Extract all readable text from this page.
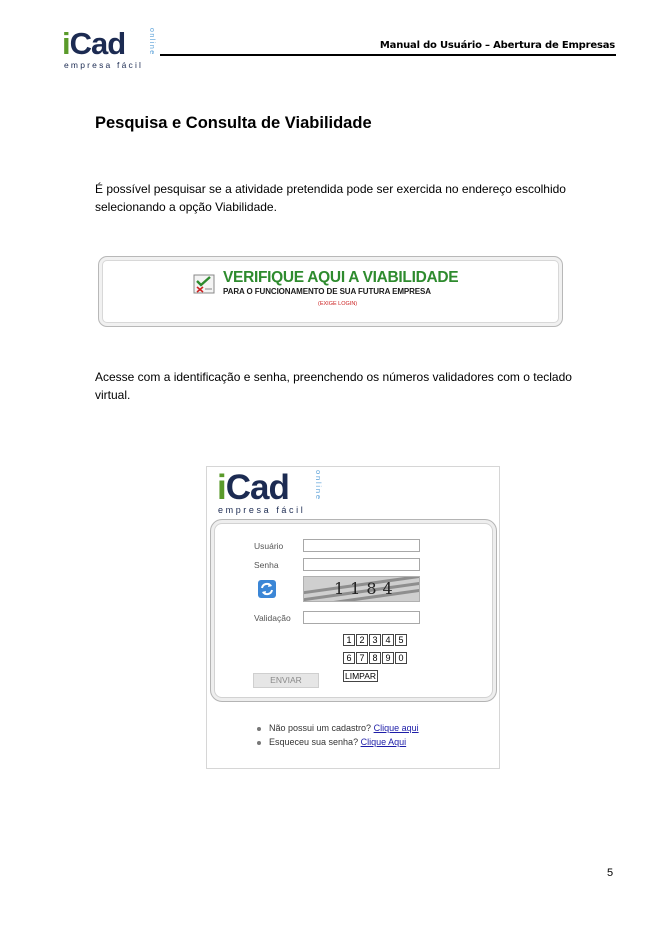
iCad
empresa fácil
online	Manual do Usuário – Abertura de Empresas
Pesquisa e Consulta de Viabilidade
É possível pesquisar se a atividade pretendida pode ser exercida no endereço escolhido selecionando a opção Viabilidade.
VERIFIQUE AQUI A VIABILIDADE
PARA O FUNCIONAMENTO DE SUA FUTURA EMPRESA
(EXIGE LOGIN)
Acesse com a identificação e senha, preenchendo os números validadores com o teclado virtual.
iCad
empresa fácil
online
Usuário
Senha
1184
Validação
1 2 3 4 5
6 7 8 9 0
LIMPAR
ENVIAR
Não possui um cadastro? Clique aqui
Esqueceu sua senha? Clique Aqui
5
